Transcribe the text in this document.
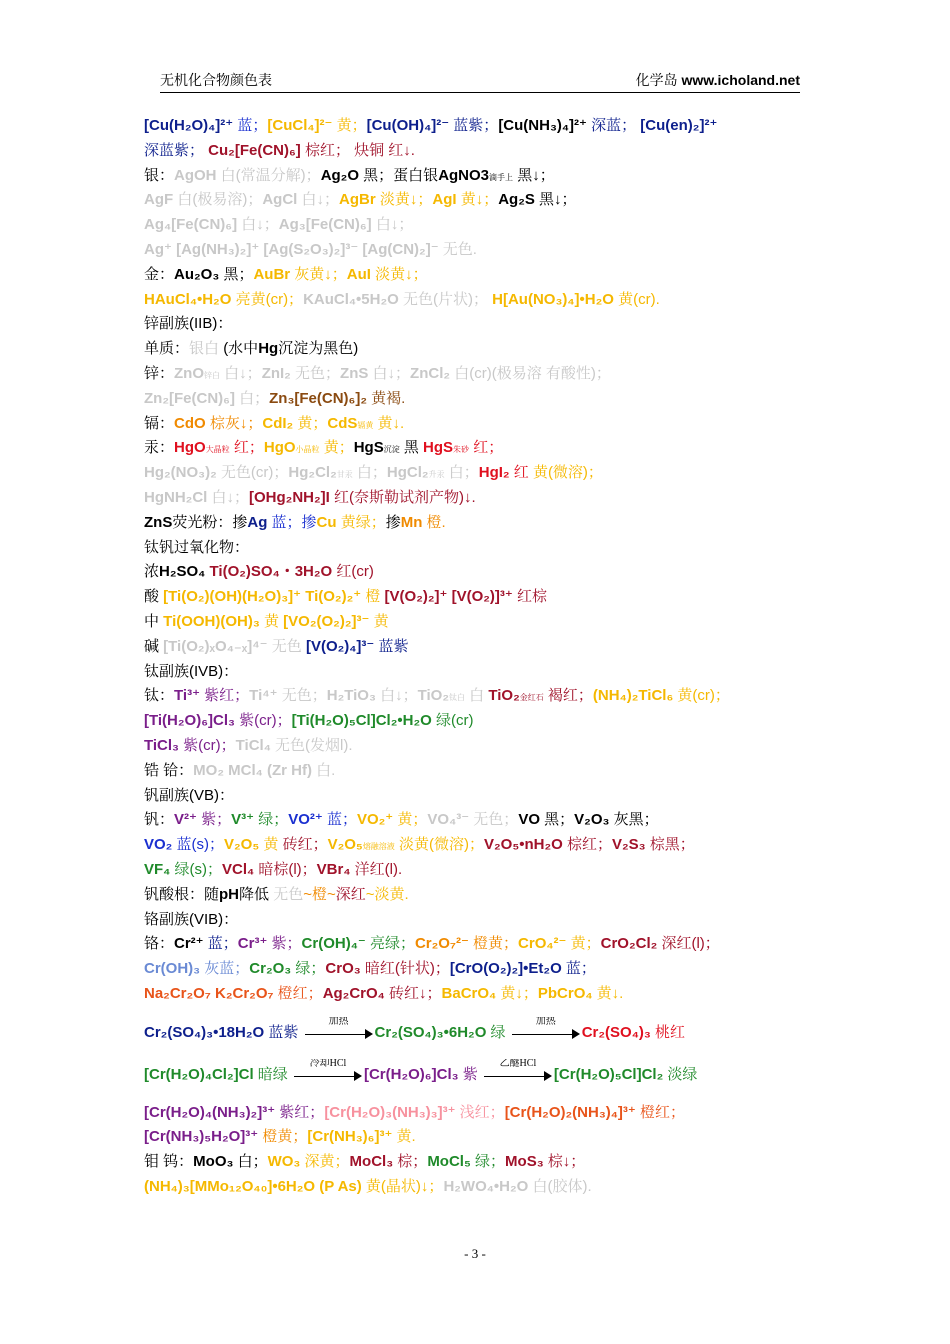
无机化合物颜色表	化学岛 www.icholand.net
[Cu(H₂O)₄]²⁺ 蓝；[CuCl₄]²⁻ 黄；[Cu(OH)₄]²⁻ 蓝紫；[Cu(NH₃)₄]²⁺ 深蓝； [Cu(en)₂]²⁺
深蓝紫； Cu₂[Fe(CN)₆] 棕红； 炔铜 红↓.
银：AgOH 白(常温分解)；Ag₂O 黑；蛋白银AgNO3滴手上 黑↓；
AgF 白(极易溶)；AgCl 白↓；AgBr 淡黄↓；AgI 黄↓；Ag₂S 黑↓；
Ag₄[Fe(CN)₆] 白↓；Ag₃[Fe(CN)₆] 白↓；
Ag⁺ [Ag(NH₃)₂]⁺ [Ag(S₂O₃)₂]³⁻ [Ag(CN)₂]⁻ 无色.
金：Au₂O₃ 黑；AuBr 灰黄↓；AuI 淡黄↓；
HAuCl₄•H₂O 亮黄(cr)；KAuCl₄•5H₂O 无色(片状)； H[Au(NO₃)₄]•H₂O 黄(cr).
锌副族(IIB)：
单质：银白 (水中Hg沉淀为黑色)
锌：ZnO锌白 白↓；ZnI₂ 无色；ZnS 白↓；ZnCl₂ 白(cr)(极易溶 有酸性)；
Zn₂[Fe(CN)₆] 白；Zn₃[Fe(CN)₆]₂ 黄褐.
镉：CdO 棕灰↓；CdI₂ 黄；CdS镉黄 黄↓.
汞：HgO大晶粒 红；HgO小晶粒 黄；HgS沉淀 黑 HgS朱砂 红；
Hg₂(NO₃)₂ 无色(cr)；Hg₂Cl₂甘汞 白；HgCl₂升汞 白；HgI₂ 红 黄(微溶)；
HgNH₂Cl 白↓；[OHg₂NH₂]I 红(奈斯勒试剂产物)↓.
ZnS荧光粉：掺Ag 蓝；掺Cu 黄绿；掺Mn 橙.
钛钒过氧化物：
浓H₂SO₄ Ti(O₂)SO₄・3H₂O 红(cr)
酸 [Ti(O₂)(OH)(H₂O)₃]⁺ Ti(O₂)₂⁺ 橙 [V(O₂)₂]⁺ [V(O₂)]³⁺ 红棕
中 Ti(OOH)(OH)₃ 黄 [VO₂(O₂)₂]³⁻ 黄
碱 [Ti(O₂)ₓO₄₋ₓ]⁴⁻ 无色 [V(O₂)₄]³⁻ 蓝紫
钛副族(IVB)：
钛：Ti³⁺ 紫红；Ti⁴⁺ 无色；H₂TiO₃ 白↓；TiO₂钛白 白 TiO₂金红石 褐红；(NH₄)₂TiCl₆ 黄(cr)；
[Ti(H₂O)₆]Cl₃ 紫(cr)；[Ti(H₂O)₅Cl]Cl₂•H₂O 绿(cr)
TiCl₃ 紫(cr)；TiCl₄ 无色(发烟l).
锆 铪：MO₂ MCl₄ (Zr Hf) 白.
钒副族(VB)：
钒：V²⁺ 紫；V³⁺ 绿；VO²⁺ 蓝；VO₂⁺ 黄；VO₄³⁻ 无色；VO 黑；V₂O₃ 灰黑；
VO₂ 蓝(s)；V₂O₅ 黄 砖红；V₂O₅熔融溶液 淡黄(微溶)；V₂O₅•nH₂O 棕红；V₂S₃ 棕黑；
VF₄ 绿(s)；VCl₄ 暗棕(l)；VBr₄ 洋红(l).
钒酸根：随pH降低 无色~橙~深红~淡黄.
铬副族(VIB)：
铬：Cr²⁺ 蓝；Cr³⁺ 紫；Cr(OH)₄⁻ 亮绿；Cr₂O₇²⁻ 橙黄；CrO₄²⁻ 黄；CrO₂Cl₂ 深红(l)；
Cr(OH)₃ 灰蓝；Cr₂O₃ 绿；CrO₃ 暗红(针状)；[CrO(O₂)₂]•Et₂O 蓝；
Na₂Cr₂O₇ K₂Cr₂O₇ 橙红；Ag₂CrO₄ 砖红↓；BaCrO₄ 黄↓；PbCrO₄ 黄↓.
Cr₂(SO₄)₃•18H₂O 蓝紫
加热
Cr₂(SO₄)₃•6H₂O 绿
加热
Cr₂(SO₄)₃ 桃红
[Cr(H₂O)₄Cl₂]Cl 暗绿
冷却HCl
[Cr(H₂O)₆]Cl₃ 紫
乙醚HCl
[Cr(H₂O)₅Cl]Cl₂ 淡绿
[Cr(H₂O)₄(NH₃)₂]³⁺ 紫红；[Cr(H₂O)₃(NH₃)₃]³⁺ 浅红；[Cr(H₂O)₂(NH₃)₄]³⁺ 橙红；
[Cr(NH₃)₅H₂O]³⁺ 橙黄；[Cr(NH₃)₆]³⁺ 黄.
钼 钨：MoO₃ 白；WO₃ 深黄；MoCl₃ 棕；MoCl₅ 绿；MoS₃ 棕↓；
(NH₄)₃[MMo₁₂O₄₀]•6H₂O (P As) 黄(晶状)↓；H₂WO₄•H₂O 白(胶体).
- 3 -
